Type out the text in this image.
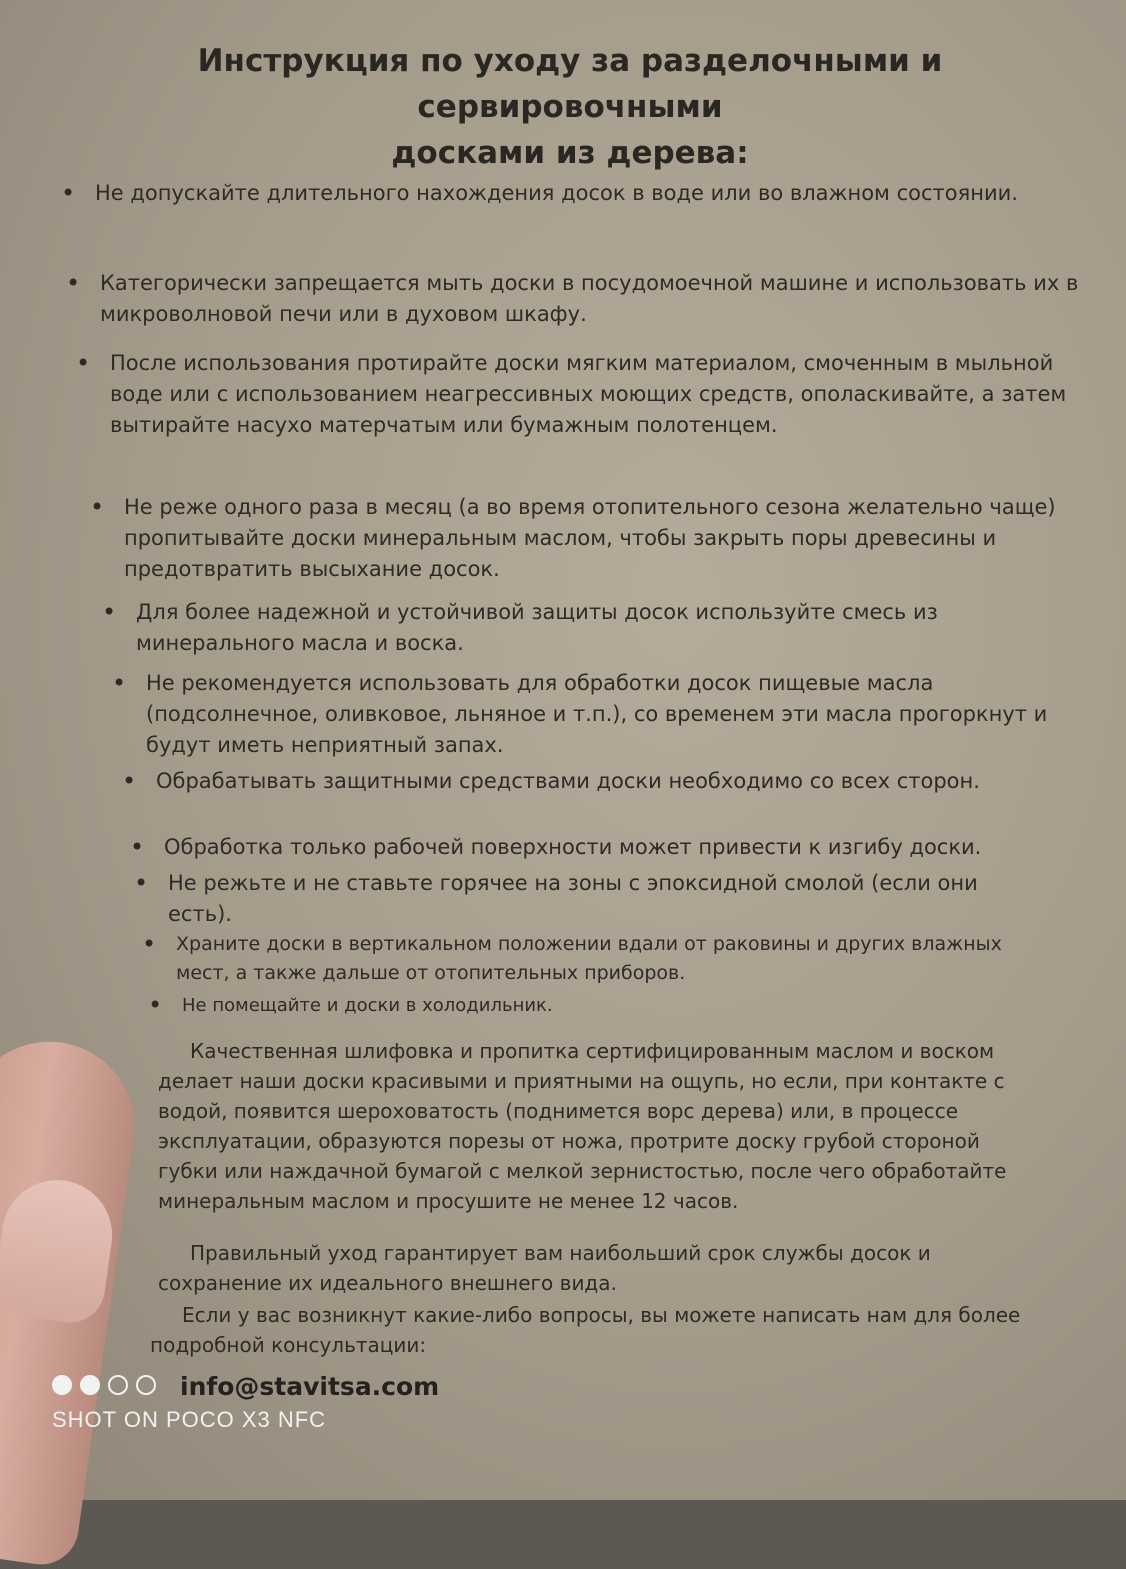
Инструкция по уходу за разделочными и сервировочными
досками из дерева:
• Не допускайте длительного нахождения досок в воде или во влажном состоянии.
• Категорически запрещается мыть доски в посудомоечной машине и использовать их в микроволновой печи или в духовом шкафу.
• После использования протирайте доски мягким материалом, смоченным в мыльной воде или с использованием неагрессивных моющих средств, ополаскивайте, а затем вытирайте насухо матерчатым или бумажным полотенцем.
• Не реже одного раза в месяц (а во время отопительного сезона желательно чаще) пропитывайте доски минеральным маслом, чтобы закрыть поры древесины и предотвратить высыхание досок.
• Для более надежной и устойчивой защиты досок используйте смесь из минерального масла и воска.
• Не рекомендуется использовать для обработки досок пищевые масла (подсолнечное, оливковое, льняное и т.п.), со временем эти масла прогоркнут и будут иметь неприятный запах.
• Обрабатывать защитными средствами доски необходимо со всех сторон.
• Обработка только рабочей поверхности может привести к изгибу доски.
• Не режьте и не ставьте горячее на зоны с эпоксидной смолой (если они есть).
• Храните доски в вертикальном положении вдали от раковины и других влажных мест, а также дальше от отопительных приборов.
• Не помещайте и доски в холодильник.

Качественная шлифовка и пропитка сертифицированным маслом и воском делает наши доски красивыми и приятными на ощупь, но если, при контакте с водой, появится шероховатость (поднимется ворс дерева) или, в процессе эксплуатации, образуются порезы от ножа, протрите доску грубой стороной губки или наждачной бумагой с мелкой зернистостью, после чего обработайте минеральным маслом и просушите не менее 12 часов.

Правильный уход гарантирует вам наибольший срок службы досок и сохранение их идеального внешнего вида.

Если у вас возникнут какие-либо вопросы, вы можете написать нам для более подробной консультации:

info@stavitsa.com
SHOT ON POCO X3 NFC
